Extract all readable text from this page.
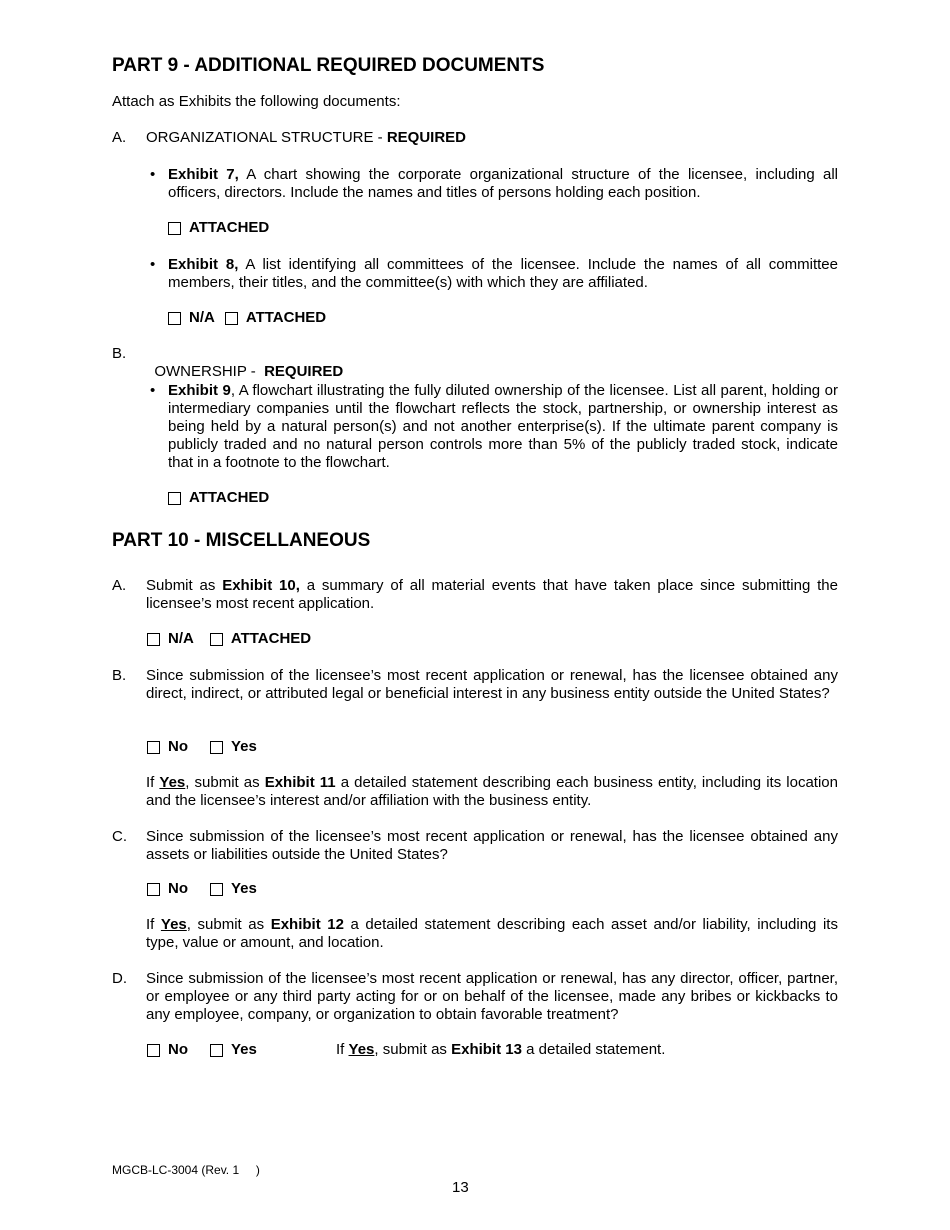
PART 9 - ADDITIONAL REQUIRED DOCUMENTS
Attach as Exhibits the following documents:
A. ORGANIZATIONAL STRUCTURE - REQUIRED
• Exhibit 7, A chart showing the corporate organizational structure of the licensee, including all officers, directors. Include the names and titles of persons holding each position.
ATTACHED
• Exhibit 8, A list identifying all committees of the licensee. Include the names of all committee members, their titles, and the committee(s) with which they are affiliated.
N/A ATTACHED
B.

OWNERSHIP -  REQUIRED

• Exhibit 9, A flowchart illustrating the fully diluted ownership of the licensee. List all parent, holding or intermediary companies until the flowchart reflects the stock, partnership, or ownership interest as being held by a natural person(s) and not another enterprise(s). If the ultimate parent company is publicly traded and no natural person controls more than 5% of the publicly traded stock, indicate that in a footnote to the flowchart.
ATTACHED
PART 10 - MISCELLANEOUS
A. Submit as Exhibit 10, a summary of all material events that have taken place since submitting the licensee’s most recent application.
N/A ATTACHED
B. Since submission of the licensee’s most recent application or renewal, has the licensee obtained any direct, indirect, or attributed legal or beneficial interest in any business entity outside the United States?
No	Yes
If Yes, submit as Exhibit 11 a detailed statement describing each business entity, including its location and the licensee’s interest and/or affiliation with the business entity.
C. Since submission of the licensee’s most recent application or renewal, has the licensee obtained any assets or liabilities outside the United States?
No	Yes
If Yes, submit as Exhibit 12 a detailed statement describing each asset and/or liability, including its type, value or amount, and location.
D. Since submission of the licensee’s most recent application or renewal, has any director, officer, partner, or employee or any third party acting for or on behalf of the licensee, made any bribes or kickbacks to any employee, company, or organization to obtain favorable treatment?
No	Yes	If Yes, submit as Exhibit 13 a detailed statement.
MGCB-LC-3004 (Rev. 1     )
13
